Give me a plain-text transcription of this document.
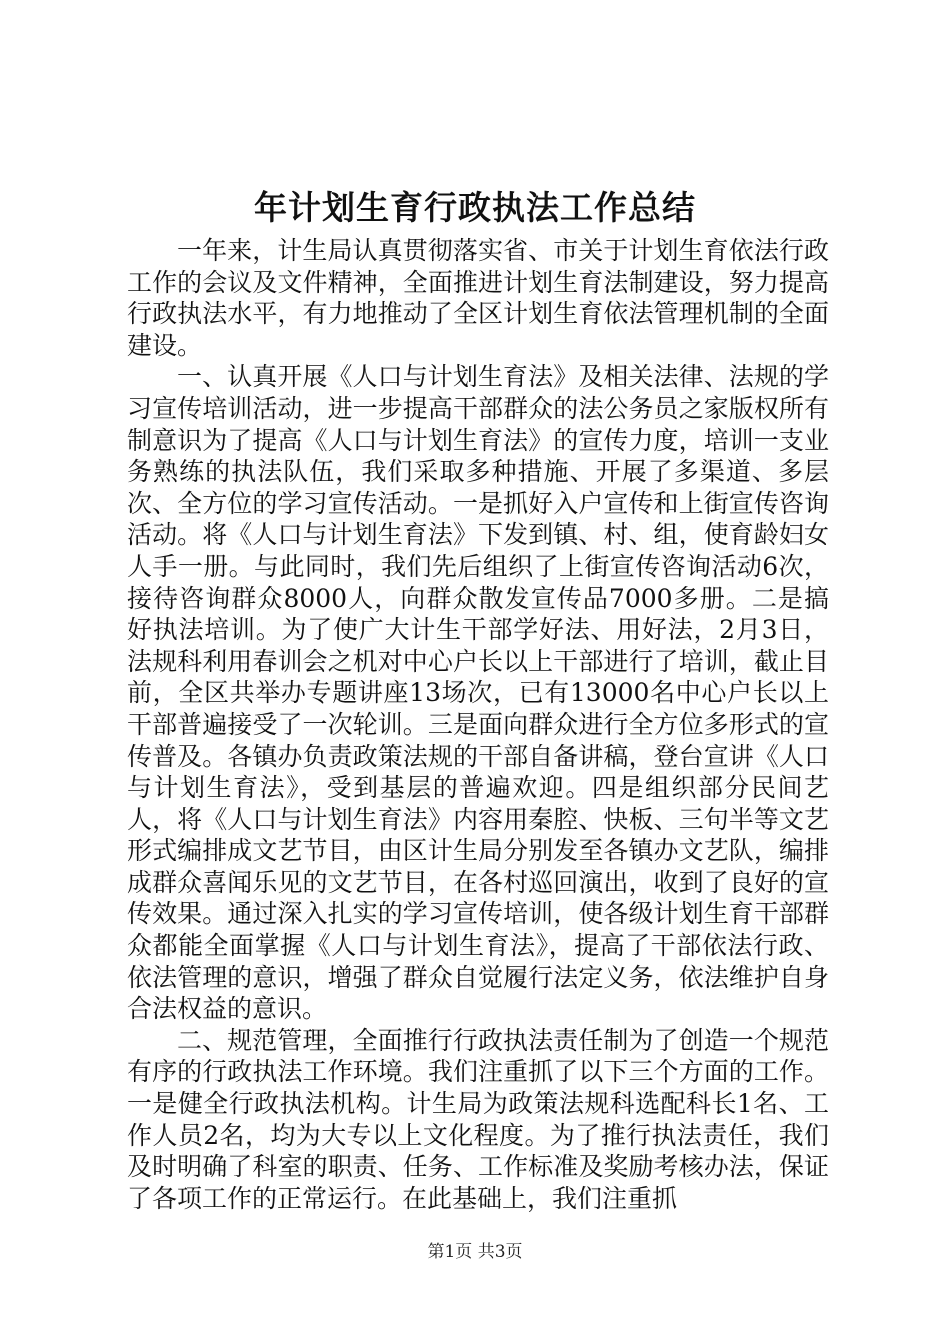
年计划生育行政执法工作总结

一年来，计生局认真贯彻落实省、市关于计划生育依法行政工作的会议及文件精神，全面推进计划生育法制建设，努力提高行政执法水平，有力地推动了全区计划生育依法管理机制的全面建设。

一、认真开展《人口与计划生育法》及相关法律、法规的学习宣传培训活动，进一步提高干部群众的法公务员之家版权所有制意识为了提高《人口与计划生育法》的宣传力度，培训一支业务熟练的执法队伍，我们采取多种措施、开展了多渠道、多层次、全方位的学习宣传活动。一是抓好入户宣传和上街宣传咨询活动。将《人口与计划生育法》下发到镇、村、组，使育龄妇女人手一册。与此同时，我们先后组织了上街宣传咨询活动6次，接待咨询群众8000人，向群众散发宣传品7000多册。二是搞好执法培训。为了使广大计生干部学好法、用好法，2月3日，法规科利用春训会之机对中心户长以上干部进行了培训，截止目前，全区共举办专题讲座13场次，已有13000名中心户长以上干部普遍接受了一次轮训。三是面向群众进行全方位多形式的宣传普及。各镇办负责政策法规的干部自备讲稿，登台宣讲《人口与计划生育法》，受到基层的普遍欢迎。四是组织部分民间艺人，将《人口与计划生育法》内容用秦腔、快板、三句半等文艺形式编排成文艺节目，由区计生局分别发至各镇办文艺队，编排成群众喜闻乐见的文艺节目，在各村巡回演出，收到了良好的宣传效果。通过深入扎实的学习宣传培训，使各级计划生育干部群众都能全面掌握《人口与计划生育法》，提高了干部依法行政、依法管理的意识，增强了群众自觉履行法定义务，依法维护自身合法权益的意识。

二、规范管理，全面推行行政执法责任制为了创造一个规范有序的行政执法工作环境。我们注重抓了以下三个方面的工作。一是健全行政执法机构。计生局为政策法规科选配科长1名、工作人员2名，均为大专以上文化程度。为了推行执法责任，我们及时明确了科室的职责、任务、工作标准及奖励考核办法，保证了各项工作的正常运行。在此基础上，我们注重抓

第1页 共3页
